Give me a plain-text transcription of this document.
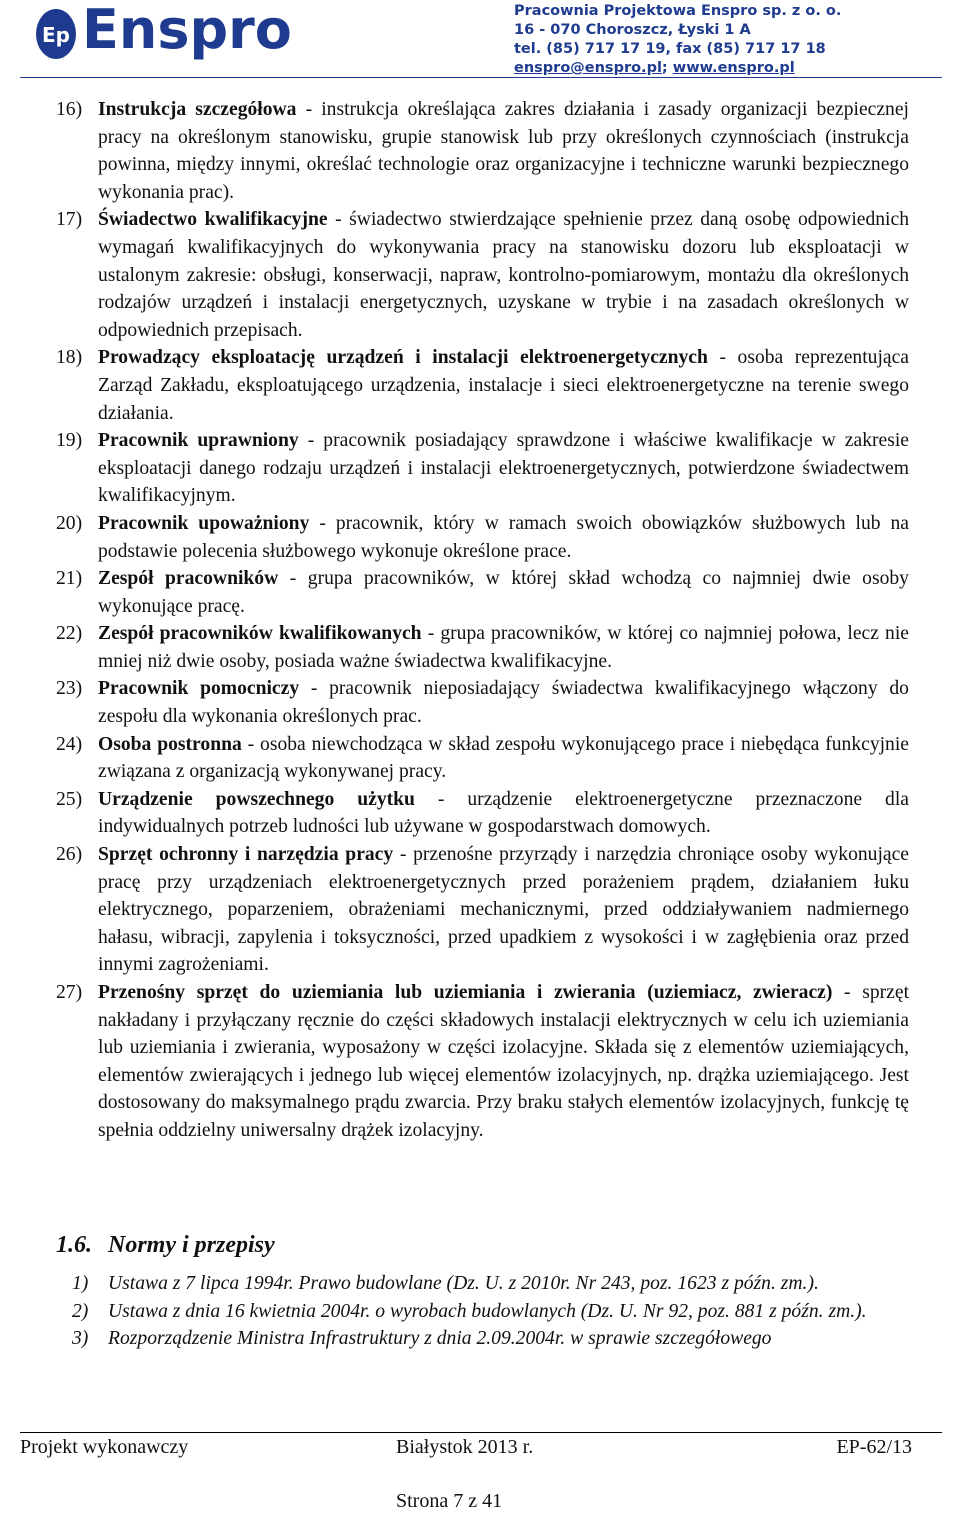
Ep Enspro	Pracownia Projektowa Enspro sp. z o. o.
16 - 070 Choroszcz, Łyski 1 A
tel. (85) 717 17 19, fax (85) 717 17 18
enspro@enspro.pl; www.enspro.pl
16) Instrukcja szczegółowa - instrukcja określająca zakres działania i zasady organizacji bezpiecznej pracy na określonym stanowisku, grupie stanowisk lub przy określonych czynnościach (instrukcja powinna, między innymi, określać technologie oraz organizacyjne i techniczne warunki bezpiecznego wykonania prac).
17) Świadectwo kwalifikacyjne - świadectwo stwierdzające spełnienie przez daną osobę odpowiednich wymagań kwalifikacyjnych do wykonywania pracy na stanowisku dozoru lub eksploatacji w ustalonym zakresie: obsługi, konserwacji, napraw, kontrolno-pomiarowym, montażu dla określonych rodzajów urządzeń i instalacji energetycznych, uzyskane w trybie i na zasadach określonych w odpowiednich przepisach.
18) Prowadzący eksploatację urządzeń i instalacji elektroenergetycznych - osoba reprezentująca Zarząd Zakładu, eksploatującego urządzenia, instalacje i sieci elektroenergetyczne na terenie swego działania.
19) Pracownik uprawniony - pracownik posiadający sprawdzone i właściwe kwalifikacje w zakresie eksploatacji danego rodzaju urządzeń i instalacji elektroenergetycznych, potwierdzone świadectwem kwalifikacyjnym.
20) Pracownik upoważniony - pracownik, który w ramach swoich obowiązków służbowych lub na podstawie polecenia służbowego wykonuje określone prace.
21) Zespół pracowników - grupa pracowników, w której skład wchodzą co najmniej dwie osoby wykonujące pracę.
22) Zespół pracowników kwalifikowanych - grupa pracowników, w której co najmniej połowa, lecz nie mniej niż dwie osoby, posiada ważne świadectwa kwalifikacyjne.
23) Pracownik pomocniczy - pracownik nieposiadający świadectwa kwalifikacyjnego włączony do zespołu dla wykonania określonych prac.
24) Osoba postronna - osoba niewchodząca w skład zespołu wykonującego prace i niebędąca funkcyjnie związana z organizacją wykonywanej pracy.
25) Urządzenie powszechnego użytku - urządzenie elektroenergetyczne przeznaczone dla indywidualnych potrzeb ludności lub używane w gospodarstwach domowych.
26) Sprzęt ochronny i narzędzia pracy - przenośne przyrządy i narzędzia chroniące osoby wykonujące pracę przy urządzeniach elektroenergetycznych przed porażeniem prądem, działaniem łuku elektrycznego, poparzeniem, obrażeniami mechanicznymi, przed oddziaływaniem nadmiernego hałasu, wibracji, zapylenia i toksyczności, przed upadkiem z wysokości i w zagłębienia oraz przed innymi zagrożeniami.
27) Przenośny sprzęt do uziemiania lub uziemiania i zwierania (uziemiacz, zwieracz) - sprzęt nakładany i przyłączany ręcznie do części składowych instalacji elektrycznych w celu ich uziemiania lub uziemiania i zwierania, wyposażony w części izolacyjne. Składa się z elementów uziemiających, elementów zwierających i jednego lub więcej elementów izolacyjnych, np. drążka uziemiającego. Jest dostosowany do maksymalnego prądu zwarcia. Przy braku stałych elementów izolacyjnych, funkcję tę spełnia oddzielny uniwersalny drążek izolacyjny.
1.6. Normy i przepisy
1) Ustawa z 7 lipca 1994r. Prawo budowlane (Dz. U. z 2010r. Nr 243, poz. 1623 z późn. zm.).
2) Ustawa z dnia 16 kwietnia 2004r. o wyrobach budowlanych (Dz. U. Nr 92, poz. 881 z późn. zm.).
3) Rozporządzenie Ministra Infrastruktury z dnia 2.09.2004r. w sprawie szczegółowego
Projekt wykonawczy	Białystok 2013 r.	EP-62/13
Strona 7 z 41
